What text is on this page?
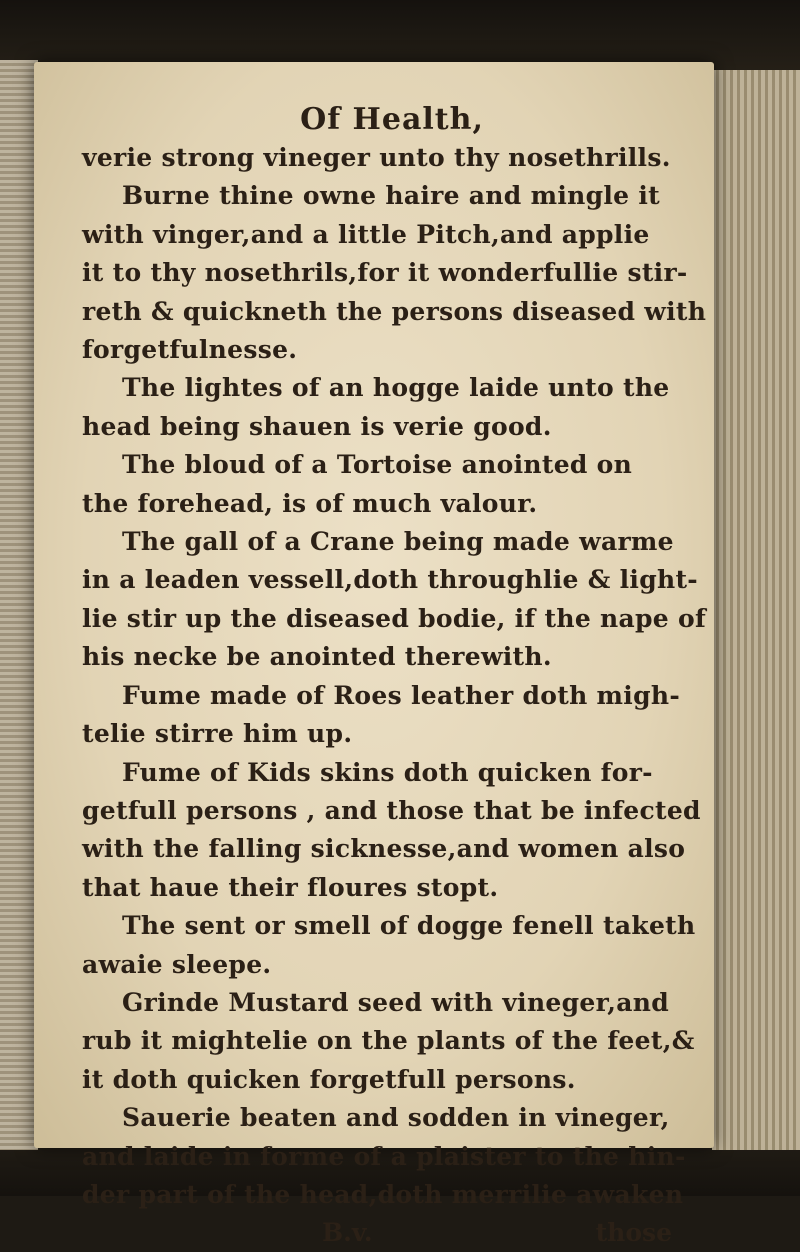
Of Health,
verie strong vineger unto thy nosethrills.
Burne thine owne haire and mingle it
with vinger,and a little Pitch,and applie
it to thy nosethrils,for it wonderfullie stir-
reth & quickneth the persons diseased with
forgetfulnesse.
The lightes of an hogge laide unto the
head being shauen is verie good.
The bloud of a Tortoise anointed on
the forehead, is of much valour.
The gall of a Crane being made warme
in a leaden vessell,doth throughlie & light-
lie stir up the diseased bodie, if the nape of
his necke be anointed therewith.
Fume made of Roes leather doth migh-
telie stirre him up.
Fume of Kids skins doth quicken for-
getfull persons , and those that be infected
with the falling sicknesse,and women also
that haue their floures stopt.
The sent or smell of dogge fenell taketh
awaie sleepe.
Grinde Mustard seed with vineger,and
rub it mightelie on the plants of the feet,&
it doth quicken forgetfull persons.
Sauerie beaten and sodden in vineger,
and laide in forme of a plaister to the hin-
der part of the head,doth merrilie awaken
B.v.	those
